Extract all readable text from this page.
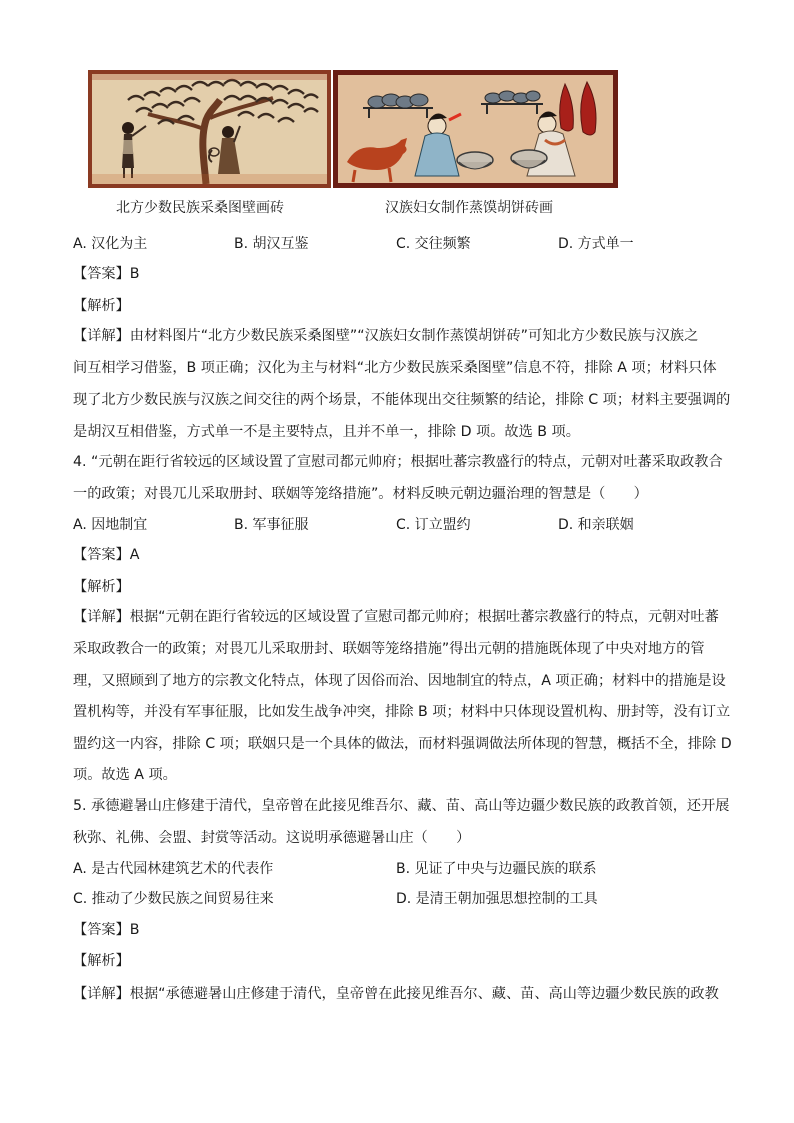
北方少数民族采桑图壁画砖	汉族妇女制作蒸馍胡饼砖画
A. 汉化为主	B. 胡汉互鉴	C. 交往频繁	D. 方式单一
【答案】B
【解析】
【详解】由材料图片“北方少数民族采桑图壁”“汉族妇女制作蒸馍胡饼砖”可知北方少数民族与汉族之
间互相学习借鉴，B 项正确；汉化为主与材料“北方少数民族采桑图壁”信息不符，排除 A 项；材料只体
现了北方少数民族与汉族之间交往的两个场景，不能体现出交往频繁的结论，排除 C 项；材料主要强调的
是胡汉互相借鉴，方式单一不是主要特点，且并不单一，排除 D 项。故选 B 项。
4. “元朝在距行省较远的区域设置了宣慰司都元帅府；根据吐蕃宗教盛行的特点，元朝对吐蕃采取政教合
一的政策；对畏兀儿采取册封、联姻等笼络措施”。材料反映元朝边疆治理的智慧是（　　）
A. 因地制宜	B. 军事征服	C. 订立盟约	D. 和亲联姻
【答案】A
【解析】
【详解】根据“元朝在距行省较远的区域设置了宣慰司都元帅府；根据吐蕃宗教盛行的特点，元朝对吐蕃
采取政教合一的政策；对畏兀儿采取册封、联姻等笼络措施”得出元朝的措施既体现了中央对地方的管
理，又照顾到了地方的宗教文化特点，体现了因俗而治、因地制宜的特点，A 项正确；材料中的措施是设
置机构等，并没有军事征服，比如发生战争冲突，排除 B 项；材料中只体现设置机构、册封等，没有订立
盟约这一内容，排除 C 项；联姻只是一个具体的做法，而材料强调做法所体现的智慧，概括不全，排除 D
项。故选 A 项。
5. 承德避暑山庄修建于清代，皇帝曾在此接见维吾尔、藏、苗、高山等边疆少数民族的政教首领，还开展
秋弥、礼佛、会盟、封赏等活动。这说明承德避暑山庄（　　）
A. 是古代园林建筑艺术的代表作	B. 见证了中央与边疆民族的联系
C. 推动了少数民族之间贸易往来	D. 是清王朝加强思想控制的工具
【答案】B
【解析】
【详解】根据“承德避暑山庄修建于清代，皇帝曾在此接见维吾尔、藏、苗、高山等边疆少数民族的政教
